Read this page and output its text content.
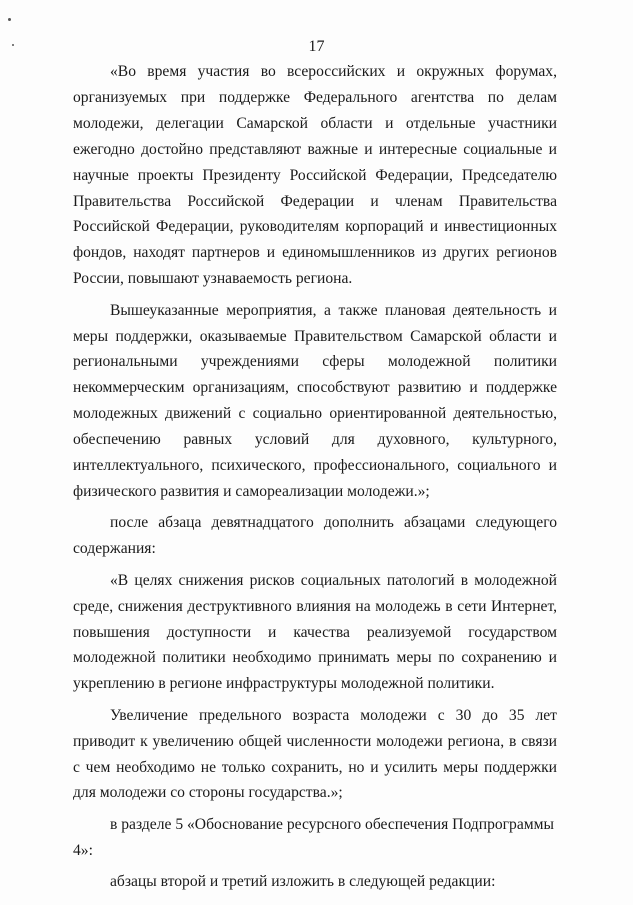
17

«Во время участия во всероссийских и окружных форумах, организуемых при поддержке Федерального агентства по делам молодежи, делегации Самарской области и отдельные участники ежегодно достойно представляют важные и интересные социальные и научные проекты Президенту Российской Федерации, Председателю Правительства Российской Федерации и членам Правительства Российской Федерации, руководителям корпораций и инвестиционных фондов, находят партнеров и единомышленников из других регионов России, повышают узнаваемость региона.

Вышеуказанные мероприятия, а также плановая деятельность и меры поддержки, оказываемые Правительством Самарской области и региональными учреждениями сферы молодежной политики некоммерческим организациям, способствуют развитию и поддержке молодежных движений с социально ориентированной деятельностью, обеспечению равных условий для духовного, культурного, интеллектуального, психического, профессионального, социального и физического развития и самореализации молодежи.»;

после абзаца девятнадцатого дополнить абзацами следующего содержания:

«В целях снижения рисков социальных патологий в молодежной среде, снижения деструктивного влияния на молодежь в сети Интернет, повышения доступности и качества реализуемой государством молодежной политики необходимо принимать меры по сохранению и укреплению в регионе инфраструктуры молодежной политики.

Увеличение предельного возраста молодежи с 30 до 35 лет приводит к увеличению общей численности молодежи региона, в связи с чем необходимо не только сохранить, но и усилить меры поддержки для молодежи со стороны государства.»;

в разделе 5 «Обоснование ресурсного обеспечения Подпрограммы 4»:

абзацы второй и третий изложить в следующей редакции:
